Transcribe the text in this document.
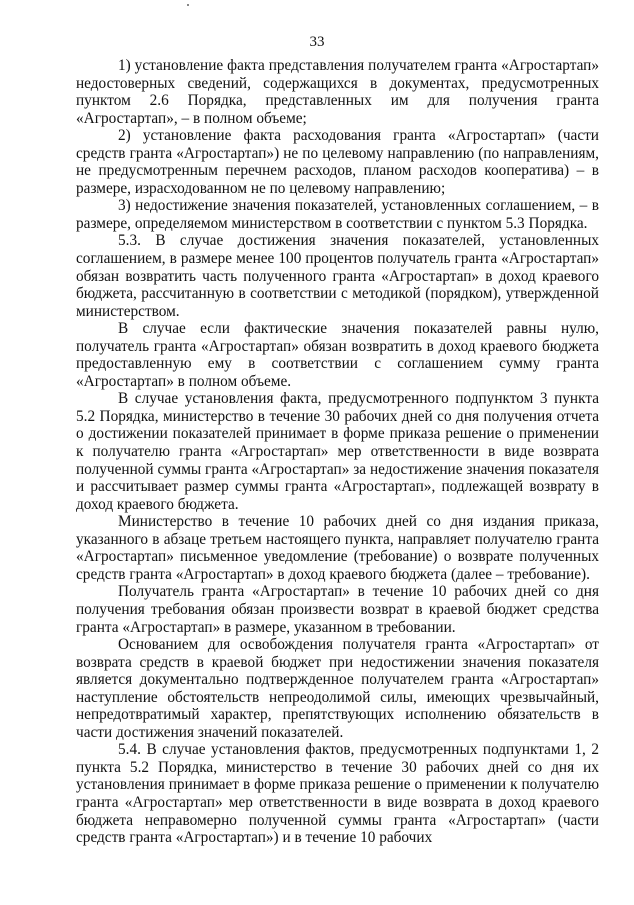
33

1) установление факта представления получателем гранта «Агростартап» недостоверных сведений, содержащихся в документах, предусмотренных пунктом 2.6 Порядка, представленных им для получения гранта «Агростартап», – в полном объеме;

2) установление факта расходования гранта «Агростартап» (части средств гранта «Агростартап») не по целевому направлению (по направлениям, не предусмотренным перечнем расходов, планом расходов кооператива) – в размере, израсходованном не по целевому направлению;

3) недостижение значения показателей, установленных соглашением, – в размере, определяемом министерством в соответствии с пунктом 5.3 Порядка.

5.3. В случае достижения значения показателей, установленных соглашением, в размере менее 100 процентов получатель гранта «Агростартап» обязан возвратить часть полученного гранта «Агростартап» в доход краевого бюджета, рассчитанную в соответствии с методикой (порядком), утвержденной министерством.

В случае если фактические значения показателей равны нулю, получатель гранта «Агростартап» обязан возвратить в доход краевого бюджета предоставленную ему в соответствии с соглашением сумму гранта «Агростартап» в полном объеме.

В случае установления факта, предусмотренного подпунктом 3 пункта 5.2 Порядка, министерство в течение 30 рабочих дней со дня получения отчета о достижении показателей принимает в форме приказа решение о применении к получателю гранта «Агростартап» мер ответственности в виде возврата полученной суммы гранта «Агростартап» за недостижение значения показателя и рассчитывает размер суммы гранта «Агростартап», подлежащей возврату в доход краевого бюджета.

Министерство в течение 10 рабочих дней со дня издания приказа, указанного в абзаце третьем настоящего пункта, направляет получателю гранта «Агростартап» письменное уведомление (требование) о возврате полученных средств гранта «Агростартап» в доход краевого бюджета (далее – требование).

Получатель гранта «Агростартап» в течение 10 рабочих дней со дня получения требования обязан произвести возврат в краевой бюджет средства гранта «Агростартап» в размере, указанном в требовании.

Основанием для освобождения получателя гранта «Агростартап» от возврата средств в краевой бюджет при недостижении значения показателя является документально подтвержденное получателем гранта «Агростартап» наступление обстоятельств непреодолимой силы, имеющих чрезвычайный, непредотвратимый характер, препятствующих исполнению обязательств в части достижения значений показателей.

5.4. В случае установления фактов, предусмотренных подпунктами 1, 2 пункта 5.2 Порядка, министерство в течение 30 рабочих дней со дня их установления принимает в форме приказа решение о применении к получателю гранта «Агростартап» мер ответственности в виде возврата в доход краевого бюджета неправомерно полученной суммы гранта «Агростартап» (части средств гранта «Агростартап») и в течение 10 рабочих
